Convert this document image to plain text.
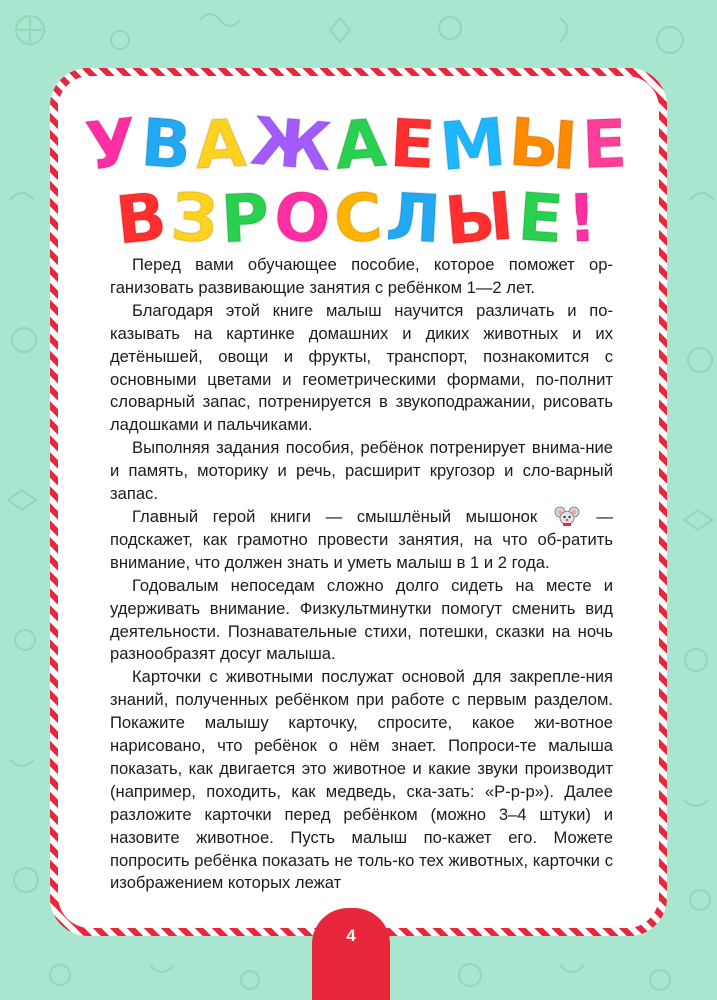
УВАЖАЕМЫЕ
ВЗРОСЛЫЕ!

Перед вами обучающее пособие, которое поможет ор-ганизовать развивающие занятия с ребёнком 1—2 лет.

Благодаря этой книге малыш научится различать и по-казывать на картинке домашних и диких животных и их детёнышей, овощи и фрукты, транспорт, познакомится с основными цветами и геометрическими формами, по-полнит словарный запас, потренируется в звукоподражании, рисовать ладошками и пальчиками.

Выполняя задания пособия, ребёнок потренирует внима-ние и память, моторику и речь, расширит кругозор и сло-варный запас.

Главный герой книги — смышлёный мышонок	— подскажет, как грамотно провести занятия, на что об-ратить внимание, что должен знать и уметь малыш в 1 и 2 года.

Годовалым непоседам сложно долго сидеть на месте и удерживать внимание. Физкультминутки помогут сменить вид деятельности. Познавательные стихи, потешки, сказки на ночь разнообразят досуг малыша.

Карточки с животными послужат основой для закрепле-ния знаний, полученных ребёнком при работе с первым разделом. Покажите малышу карточку, спросите, какое жи-вотное нарисовано, что ребёнок о нём знает. Попроси-те малыша показать, как двигается это животное и какие звуки производит (например, походить, как медведь, ска-зать: «Р-р-р»). Далее разложите карточки перед ребёнком (можно 3–4 штуки) и назовите животное. Пусть малыш по-кажет его. Можете попросить ребёнка показать не толь-ко тех животных, карточки с изображением которых лежат

4
